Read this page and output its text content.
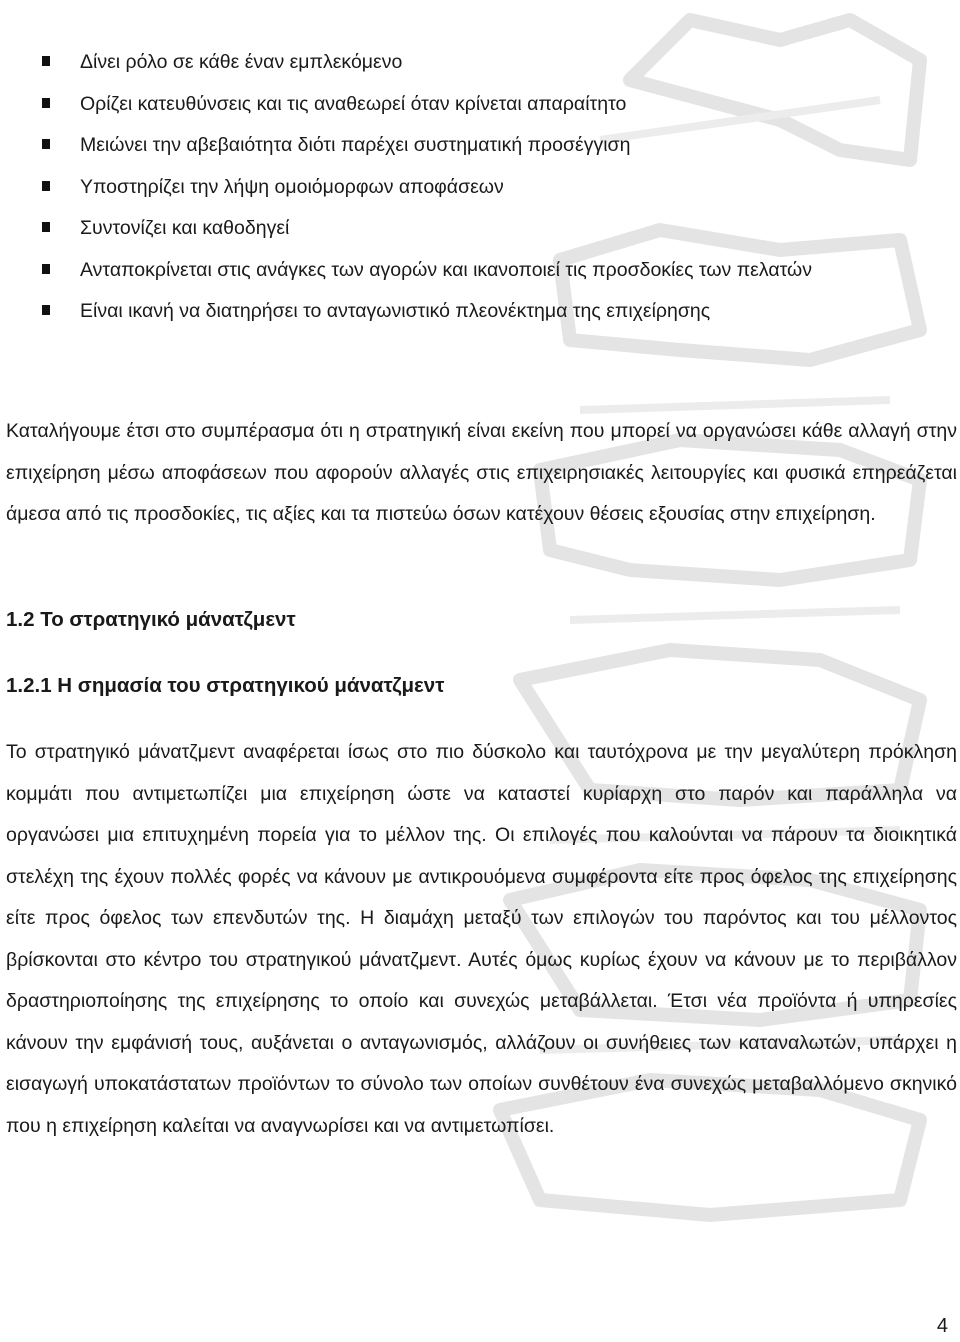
Δίνει ρόλο σε κάθε έναν εμπλεκόμενο
Ορίζει κατευθύνσεις και τις αναθεωρεί όταν κρίνεται απαραίτητο
Μειώνει την αβεβαιότητα διότι παρέχει συστηματική προσέγγιση
Υποστηρίζει την λήψη ομοιόμορφων αποφάσεων
Συντονίζει και καθοδηγεί
Ανταποκρίνεται στις ανάγκες των αγορών και ικανοποιεί τις προσδοκίες των πελατών
Είναι ικανή να διατηρήσει το ανταγωνιστικό πλεονέκτημα της επιχείρησης

Καταλήγουμε έτσι στο συμπέρασμα ότι η στρατηγική είναι εκείνη που μπορεί να οργανώσει κάθε αλλαγή στην επιχείρηση μέσω αποφάσεων που αφορούν αλλαγές στις επιχειρησιακές λειτουργίες και φυσικά επηρεάζεται άμεσα από τις προσδοκίες, τις αξίες και τα πιστεύω όσων κατέχουν θέσεις εξουσίας στην επιχείρηση.

1.2 Το στρατηγικό μάνατζμεντ
1.2.1 Η σημασία του στρατηγικού μάνατζμεντ

Το στρατηγικό μάνατζμεντ αναφέρεται ίσως στο πιο δύσκολο και ταυτόχρονα με την μεγαλύτερη πρόκληση κομμάτι που αντιμετωπίζει μια επιχείρηση ώστε να καταστεί κυρίαρχη στο παρόν και παράλληλα να οργανώσει μια επιτυχημένη πορεία για το μέλλον της. Οι επιλογές που καλούνται να πάρουν τα διοικητικά στελέχη της έχουν πολλές φορές να κάνουν με αντικρουόμενα συμφέροντα είτε προς όφελος της επιχείρησης είτε προς όφελος των επενδυτών της. Η διαμάχη μεταξύ των επιλογών του παρόντος και του μέλλοντος βρίσκονται στο κέντρο του στρατηγικού μάνατζμεντ. Αυτές όμως κυρίως έχουν να κάνουν με το περιβάλλον δραστηριοποίησης της επιχείρησης το οποίο και συνεχώς μεταβάλλεται. Έτσι νέα προϊόντα ή υπηρεσίες κάνουν την εμφάνισή τους, αυξάνεται ο ανταγωνισμός, αλλάζουν οι συνήθειες των καταναλωτών, υπάρχει η εισαγωγή υποκατάστατων προϊόντων το σύνολο των οποίων συνθέτουν ένα συνεχώς μεταβαλλόμενο σκηνικό που η επιχείρηση καλείται να αναγνωρίσει και να αντιμετωπίσει.

4
